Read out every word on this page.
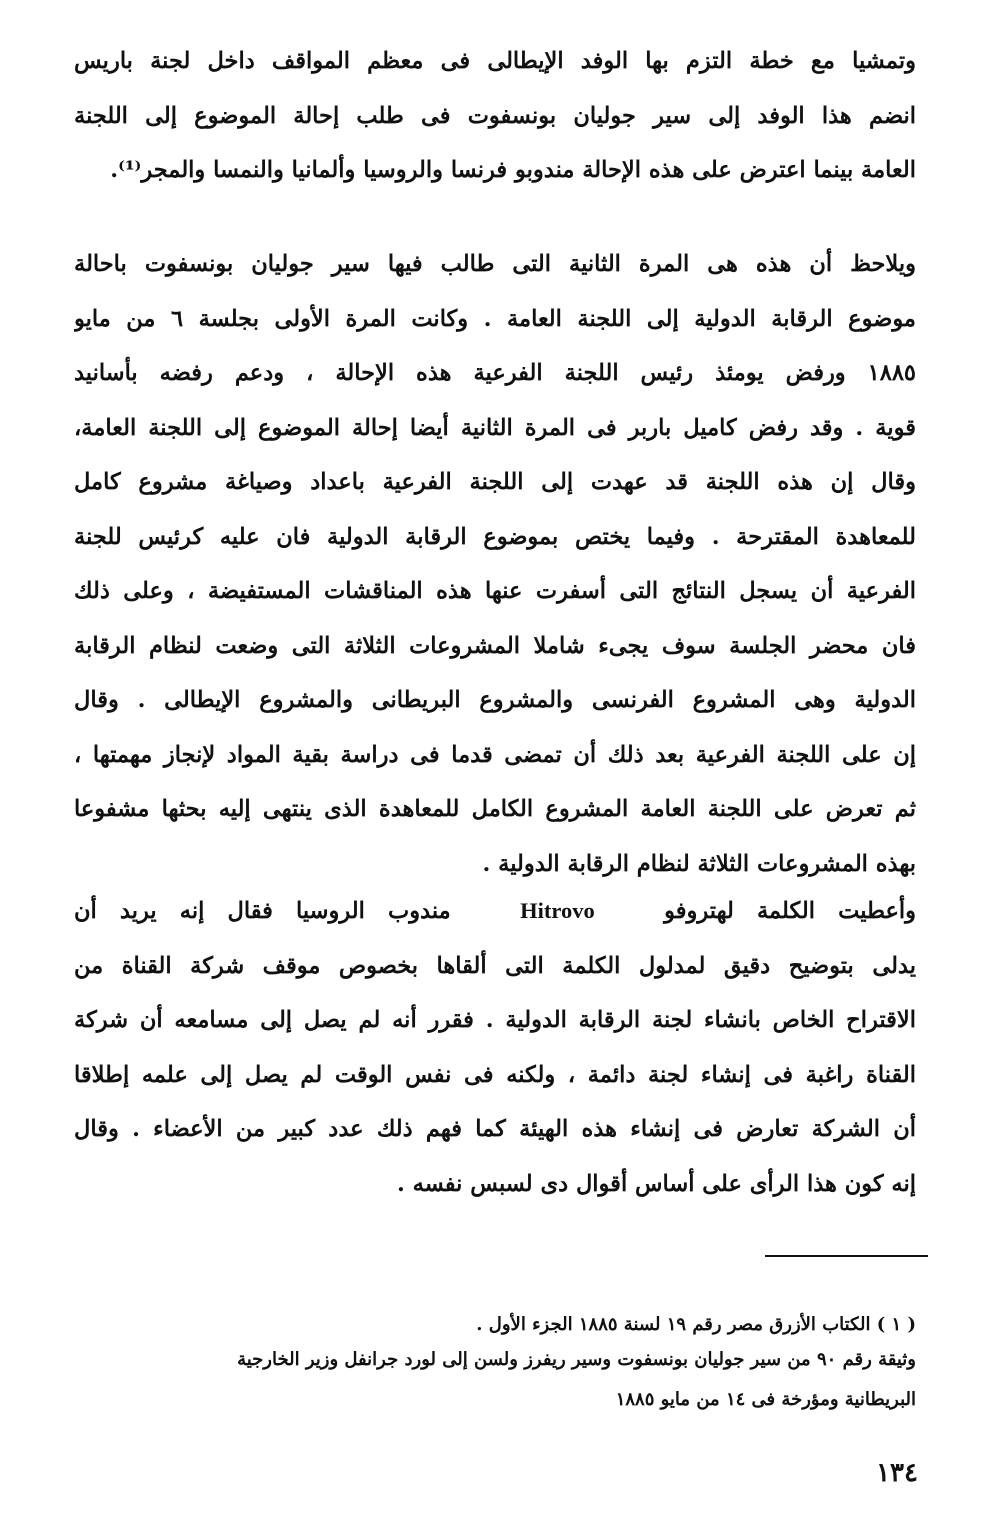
وتمشيا مع خطة التزم بها الوفد الإيطالى فى معظم المواقف داخل لجنة باريس
انضم هذا الوفد إلى سير جوليان بونسفوت فى طلب إحالة الموضوع إلى اللجنة
العامة بينما اعترض على هذه الإحالة مندوبو فرنسا والروسيا وألمانيا والنمسا والمجر⁽¹⁾.
ويلاحظ أن هذه هى المرة الثانية التى طالب فيها سير جوليان بونسفوت باحالة
موضوع الرقابة الدولية إلى اللجنة العامة . وكانت المرة الأولى بجلسة ٦ من مايو
١٨٨٥ ورفض يومئذ رئيس اللجنة الفرعية هذه الإحالة ، ودعم رفضه بأسانيد
قوية . وقد رفض كاميل باربر فى المرة الثانية أيضا إحالة الموضوع إلى اللجنة العامة،
وقال إن هذه اللجنة قد عهدت إلى اللجنة الفرعية باعداد وصياغة مشروع كامل
للمعاهدة المقترحة . وفيما يختص بموضوع الرقابة الدولية فان عليه كرئيس للجنة
الفرعية أن يسجل النتائج التى أسفرت عنها هذه المناقشات المستفيضة ، وعلى ذلك
فان محضر الجلسة سوف يجىء شاملا المشروعات الثلاثة التى وضعت لنظام الرقابة
الدولية وهى المشروع الفرنسى والمشروع البريطانى والمشروع الإيطالى . وقال
إن على اللجنة الفرعية بعد ذلك أن تمضى قدما فى دراسة بقية المواد لإنجاز مهمتها ،
ثم تعرض على اللجنة العامة المشروع الكامل للمعاهدة الذى ينتهى إليه بحثها مشفوعا
بهذه المشروعات الثلاثة لنظام الرقابة الدولية .
وأعطيت الكلمة لهتروفو   Hitrovo   مندوب الروسيا فقال إنه يريد أن
يدلى بتوضيح دقيق لمدلول الكلمة التى ألقاها بخصوص موقف شركة القناة من
الاقتراح الخاص بانشاء لجنة الرقابة الدولية . فقرر أنه لم يصل إلى مسامعه أن شركة
القناة راغبة فى إنشاء لجنة دائمة ، ولكنه فى نفس الوقت لم يصل إلى علمه إطلاقا
أن الشركة تعارض فى إنشاء هذه الهيئة كما فهم ذلك عدد كبير من الأعضاء . وقال
إنه كون هذا الرأى على أساس أقوال دى لسبس نفسه .
( ١ ) الكتاب الأزرق مصر رقم ١٩ لسنة ١٨٨٥ الجزء الأول .
وثيقة رقم ٩٠ من سير جوليان بونسفوت وسير ريفرز ولسن إلى لورد جرانفل وزير الخارجية
البريطانية ومؤرخة فى ١٤ من مايو ١٨٨٥
١٣٤
